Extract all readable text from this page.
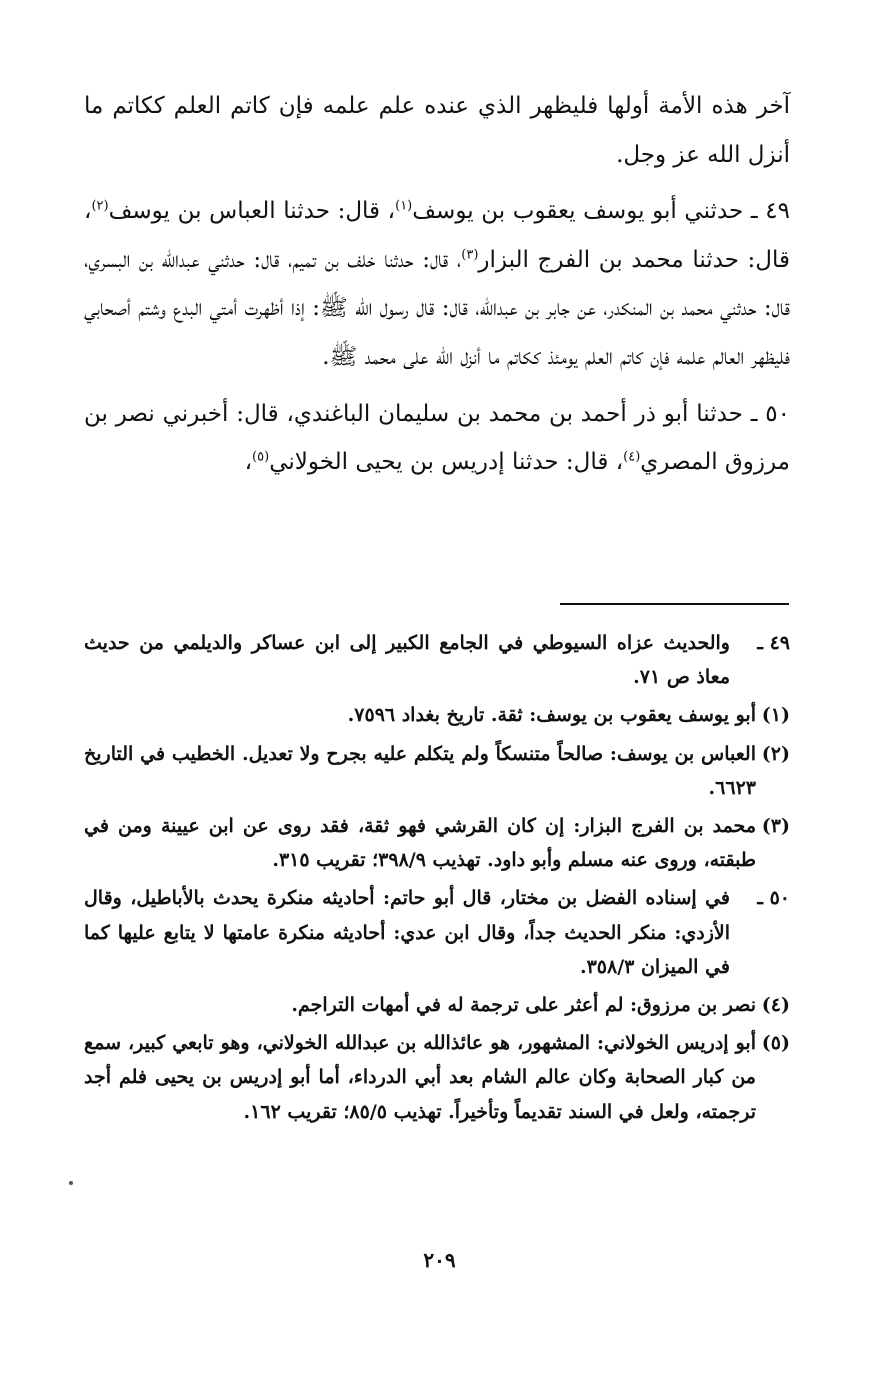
آخر هذه الأمة أولها فليظهر الذي عنده علم علمه فإن كاتم العلم ككاتم ما أنزل الله عز وجل.

٤٩ ـ حدثني أبو يوسف يعقوب بن يوسف$^{(١)}$، قال: حدثنا العباس بن يوسف$^{(٢)}$، قال: حدثنا محمد بن الفرج البزار$^{(٣)}$، قال: حدثنا خلف بن تميم، قال: حدثني عبدالله بن البسري، قال: حدثني محمد بن المنكدر، عن جابر بن عبدالله، قال: قال رسول الله ﷺ: إذا أظهرت أمتي البدع وشتم أصحابي فليظهر العالم علمه فإن كاتم العلم يومئذ ككاتم ما أنزل الله على محمد ﷺ.

٥٠ ـ حدثنا أبو ذر أحمد بن محمد بن سليمان الباغندي، قال: أخبرني نصر بن مرزوق المصري$^{(٤)}$، قال: حدثنا إدريس بن يحيى الخولاني$^{(٥)}$،

٤٩ ـ
والحديث عزاه السيوطي في الجامع الكبير إلى ابن عساكر والديلمي من حديث معاذ ص ٧١.
(١)
أبو يوسف يعقوب بن يوسف: ثقة. تاريخ بغداد ٧٥٩٦.
(٢)
العباس بن يوسف: صالحاً متنسكاً ولم يتكلم عليه بجرح ولا تعديل. الخطيب في التاريخ ٦٦٢٣.
(٣)
محمد بن الفرج البزار: إن كان القرشي فهو ثقة، فقد روى عن ابن عيينة ومن في طبقته، وروى عنه مسلم وأبو داود. تهذيب ٣٩٨/٩؛ تقريب ٣١٥.
٥٠ ـ
في إسناده الفضل بن مختار، قال أبو حاتم: أحاديثه منكرة يحدث بالأباطيل، وقال الأزدي: منكر الحديث جداً، وقال ابن عدي: أحاديثه منكرة عامتها لا يتابع عليها كما في الميزان ٣٥٨/٣.
(٤)
نصر بن مرزوق: لم أعثر على ترجمة له في أمهات التراجم.
(٥)
أبو إدريس الخولاني: المشهور، هو عائذالله بن عبدالله الخولاني، وهو تابعي كبير، سمع من كبار الصحابة وكان عالم الشام بعد أبي الدرداء، أما أبو إدريس بن يحيى فلم أجد ترجمته، ولعل في السند تقديماً وتأخيراً. تهذيب ٨٥/٥؛ تقريب ١٦٢.
٢٠٩
